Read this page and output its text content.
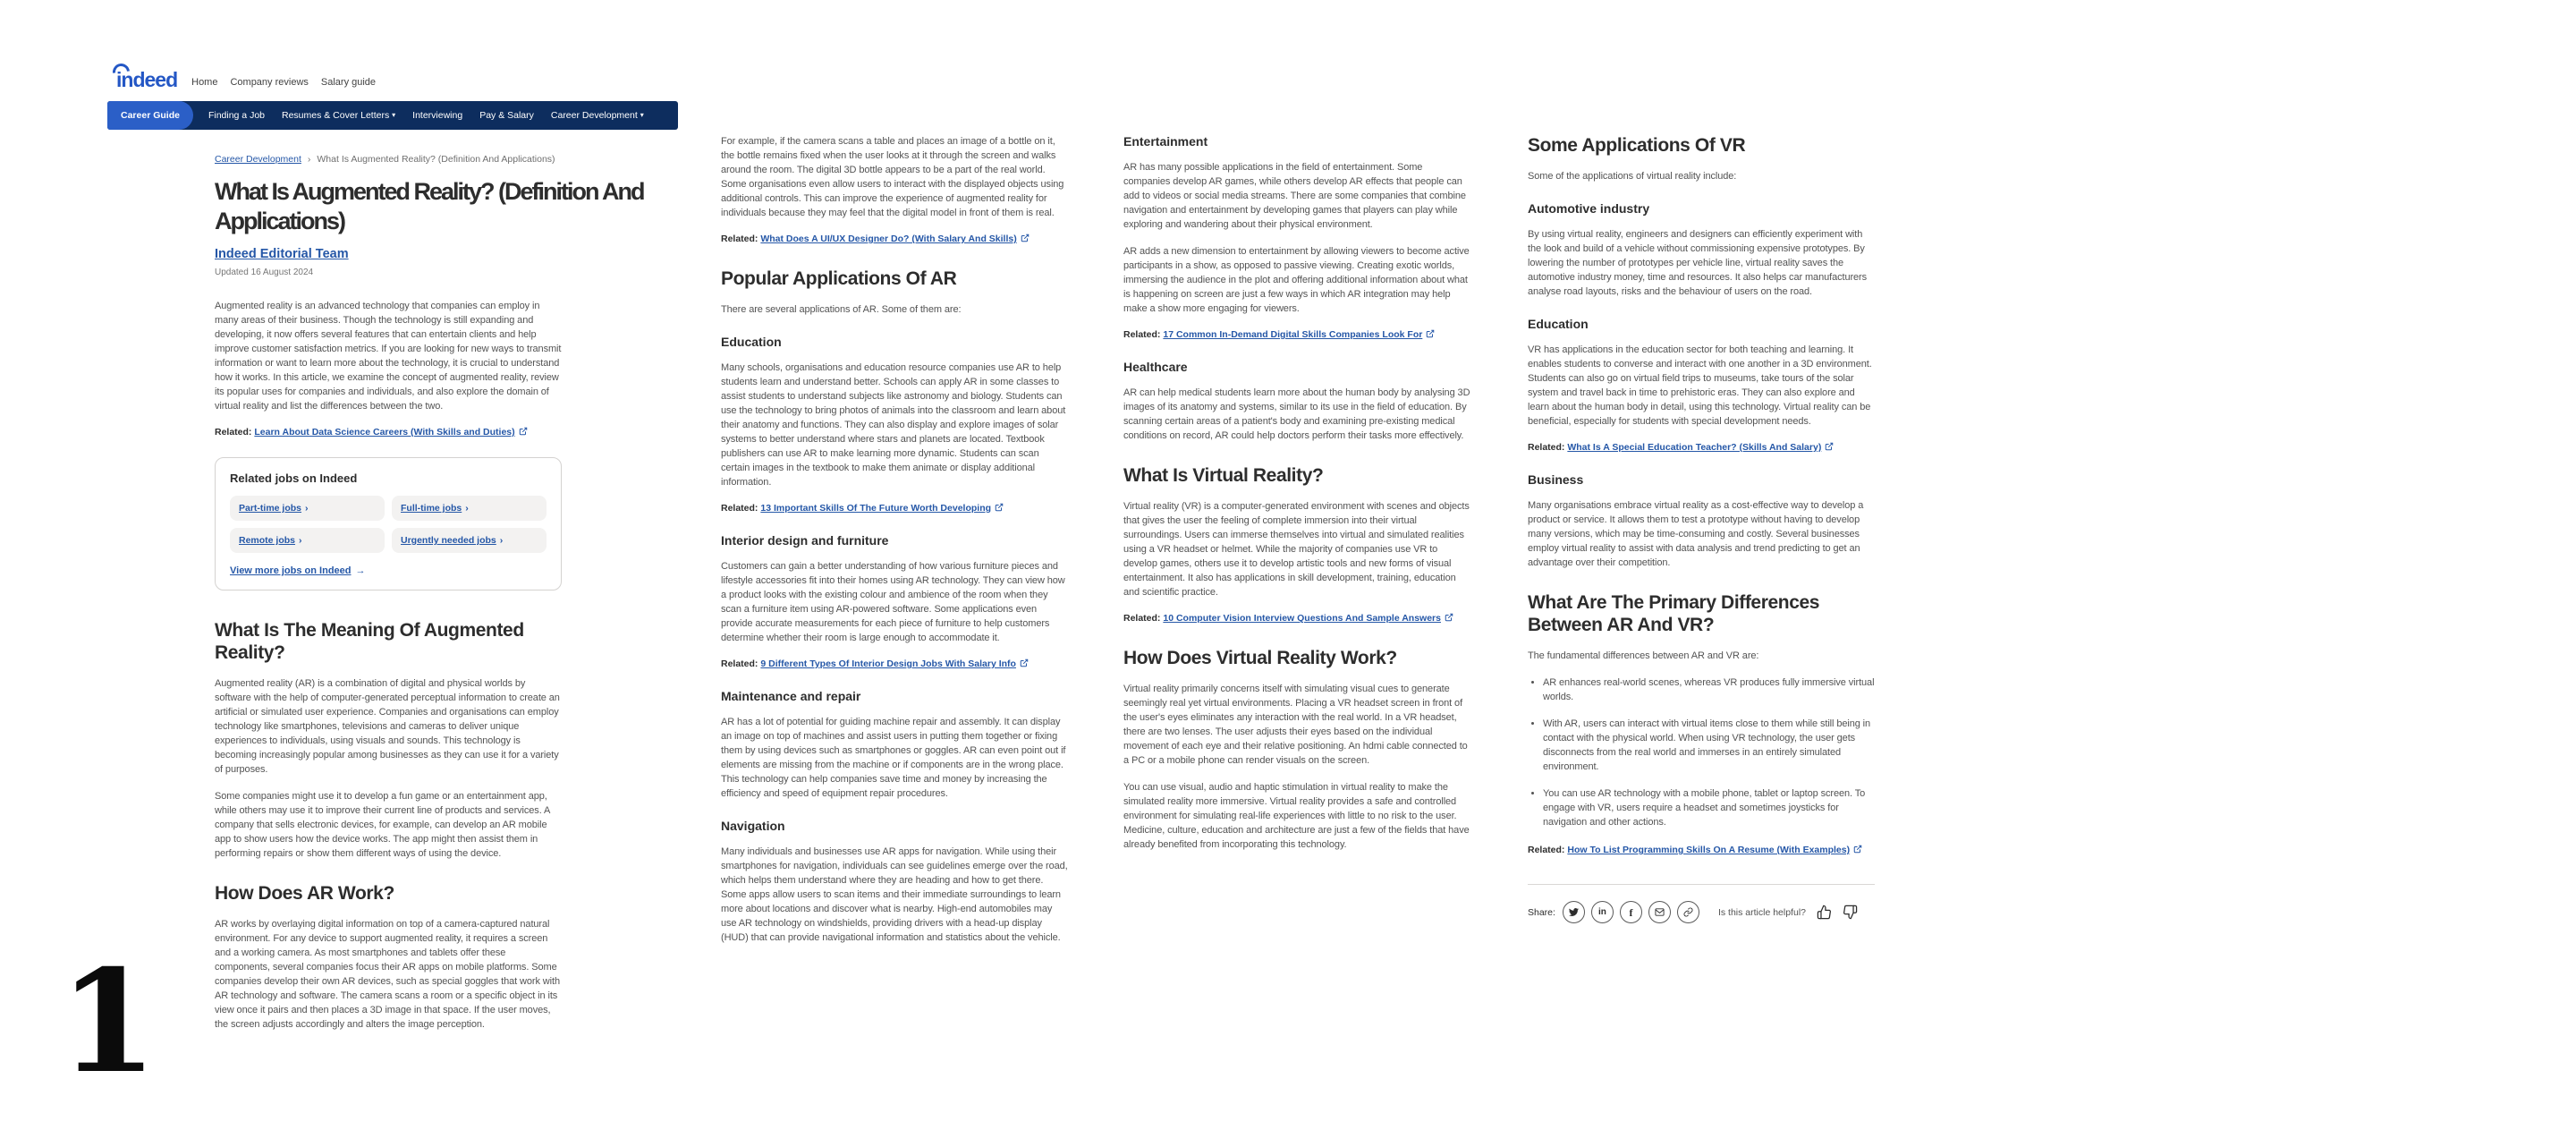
indeed Home Company reviews Salary guide
Career Guide	Finding a Job Resumes & Cover Letters ▾ Interviewing Pay & Salary Career Development ▾
Career Development › What Is Augmented Reality? (Definition And Applications)
What Is Augmented Reality? (Definition And Applications)
Indeed Editorial Team
Updated 16 August 2024

Augmented reality is an advanced technology that companies can employ in many areas of their business. Though the technology is still expanding and developing, it now offers several features that can entertain clients and help improve customer satisfaction metrics. If you are looking for new ways to transmit information or want to learn more about the technology, it is crucial to understand how it works. In this article, we examine the concept of augmented reality, review its popular uses for companies and individuals, and also explore the domain of virtual reality and list the differences between the two.

Related: Learn About Data Science Careers (With Skills and Duties)

Related jobs on Indeed
Part-time jobs ›	Full-time jobs ›
Remote jobs ›	Urgently needed jobs ›
View more jobs on Indeed →
What Is The Meaning Of Augmented Reality?

Augmented reality (AR) is a combination of digital and physical worlds by software with the help of computer-generated perceptual information to create an artificial or simulated user experience. Companies and organisations can employ technology like smartphones, televisions and cameras to deliver unique experiences to individuals, using visuals and sounds. This technology is becoming increasingly popular among businesses as they can use it for a variety of purposes.

Some companies might use it to develop a fun game or an entertainment app, while others may use it to improve their current line of products and services. A company that sells electronic devices, for example, can develop an AR mobile app to show users how the device works. The app might then assist them in performing repairs or show them different ways of using the device.

How Does AR Work?

AR works by overlaying digital information on top of a camera-captured natural environment. For any device to support augmented reality, it requires a screen and a working camera. As most smartphones and tablets offer these components, several companies focus their AR apps on mobile platforms. Some companies develop their own AR devices, such as special goggles that work with AR technology and software. The camera scans a room or a specific object in its view once it pairs and then places a 3D image in that space. If the user moves, the screen adjusts accordingly and alters the image perception.

For example, if the camera scans a table and places an image of a bottle on it, the bottle remains fixed when the user looks at it through the screen and walks around the room. The digital 3D bottle appears to be a part of the real world. Some organisations even allow users to interact with the displayed objects using additional controls. This can improve the experience of augmented reality for individuals because they may feel that the digital model in front of them is real.

Related: What Does A UI/UX Designer Do? (With Salary And Skills)

Popular Applications Of AR

There are several applications of AR. Some of them are:

Education

Many schools, organisations and education resource companies use AR to help students learn and understand better. Schools can apply AR in some classes to assist students to understand subjects like astronomy and biology. Students can use the technology to bring photos of animals into the classroom and learn about their anatomy and functions. They can also display and explore images of solar systems to better understand where stars and planets are located. Textbook publishers can use AR to make learning more dynamic. Students can scan certain images in the textbook to make them animate or display additional information.

Related: 13 Important Skills Of The Future Worth Developing

Interior design and furniture

Customers can gain a better understanding of how various furniture pieces and lifestyle accessories fit into their homes using AR technology. They can view how a product looks with the existing colour and ambience of the room when they scan a furniture item using AR-powered software. Some applications even provide accurate measurements for each piece of furniture to help customers determine whether their room is large enough to accommodate it.

Related: 9 Different Types Of Interior Design Jobs With Salary Info

Maintenance and repair

AR has a lot of potential for guiding machine repair and assembly. It can display an image on top of machines and assist users in putting them together or fixing them by using devices such as smartphones or goggles. AR can even point out if elements are missing from the machine or if components are in the wrong place. This technology can help companies save time and money by increasing the efficiency and speed of equipment repair procedures.

Navigation

Many individuals and businesses use AR apps for navigation. While using their smartphones for navigation, individuals can see guidelines emerge over the road, which helps them understand where they are heading and how to get there. Some apps allow users to scan items and their immediate surroundings to learn more about locations and discover what is nearby. High-end automobiles may use AR technology on windshields, providing drivers with a head-up display (HUD) that can provide navigational information and statistics about the vehicle.

Entertainment

AR has many possible applications in the field of entertainment. Some companies develop AR games, while others develop AR effects that people can add to videos or social media streams. There are some companies that combine navigation and entertainment by developing games that players can play while exploring and wandering about their physical environment.

AR adds a new dimension to entertainment by allowing viewers to become active participants in a show, as opposed to passive viewing. Creating exotic worlds, immersing the audience in the plot and offering additional information about what is happening on screen are just a few ways in which AR integration may help make a show more engaging for viewers.

Related: 17 Common In-Demand Digital Skills Companies Look For

Healthcare

AR can help medical students learn more about the human body by analysing 3D images of its anatomy and systems, similar to its use in the field of education. By scanning certain areas of a patient's body and examining pre-existing medical conditions on record, AR could help doctors perform their tasks more effectively.

What Is Virtual Reality?

Virtual reality (VR) is a computer-generated environment with scenes and objects that gives the user the feeling of complete immersion into their virtual surroundings. Users can immerse themselves into virtual and simulated realities using a VR headset or helmet. While the majority of companies use VR to develop games, others use it to develop artistic tools and new forms of visual entertainment. It also has applications in skill development, training, education and scientific practice.

Related: 10 Computer Vision Interview Questions And Sample Answers

How Does Virtual Reality Work?

Virtual reality primarily concerns itself with simulating visual cues to generate seemingly real yet virtual environments. Placing a VR headset screen in front of the user's eyes eliminates any interaction with the real world. In a VR headset, there are two lenses. The user adjusts their eyes based on the individual movement of each eye and their relative positioning. An hdmi cable connected to a PC or a mobile phone can render visuals on the screen.

You can use visual, audio and haptic stimulation in virtual reality to make the simulated reality more immersive. Virtual reality provides a safe and controlled environment for simulating real-life experiences with little to no risk to the user. Medicine, culture, education and architecture are just a few of the fields that have already benefited from incorporating this technology.

Some Applications Of VR

Some of the applications of virtual reality include:

Automotive industry

By using virtual reality, engineers and designers can efficiently experiment with the look and build of a vehicle without commissioning expensive prototypes. By lowering the number of prototypes per vehicle line, virtual reality saves the automotive industry money, time and resources. It also helps car manufacturers analyse road layouts, risks and the behaviour of users on the road.

Education

VR has applications in the education sector for both teaching and learning. It enables students to converse and interact with one another in a 3D environment. Students can also go on virtual field trips to museums, take tours of the solar system and travel back in time to prehistoric eras. They can also explore and learn about the human body in detail, using this technology. Virtual reality can be beneficial, especially for students with special development needs.

Related: What Is A Special Education Teacher? (Skills And Salary)

Business

Many organisations embrace virtual reality as a cost-effective way to develop a product or service. It allows them to test a prototype without having to develop many versions, which may be time-consuming and costly. Several businesses employ virtual reality to assist with data analysis and trend predicting to get an advantage over their competition.

What Are The Primary Differences Between AR And VR?

The fundamental differences between AR and VR are:

• AR enhances real-world scenes, whereas VR produces fully immersive virtual worlds.
• With AR, users can interact with virtual items close to them while still being in contact with the physical world. When using VR technology, the user gets disconnects from the real world and immerses in an entirely simulated environment.
• You can use AR technology with a mobile phone, tablet or laptop screen. To engage with VR, users require a headset and sometimes joysticks for navigation and other actions.

Related: How To List Programming Skills On A Resume (With Examples)

Share:	in f	Is this article helpful?
1
